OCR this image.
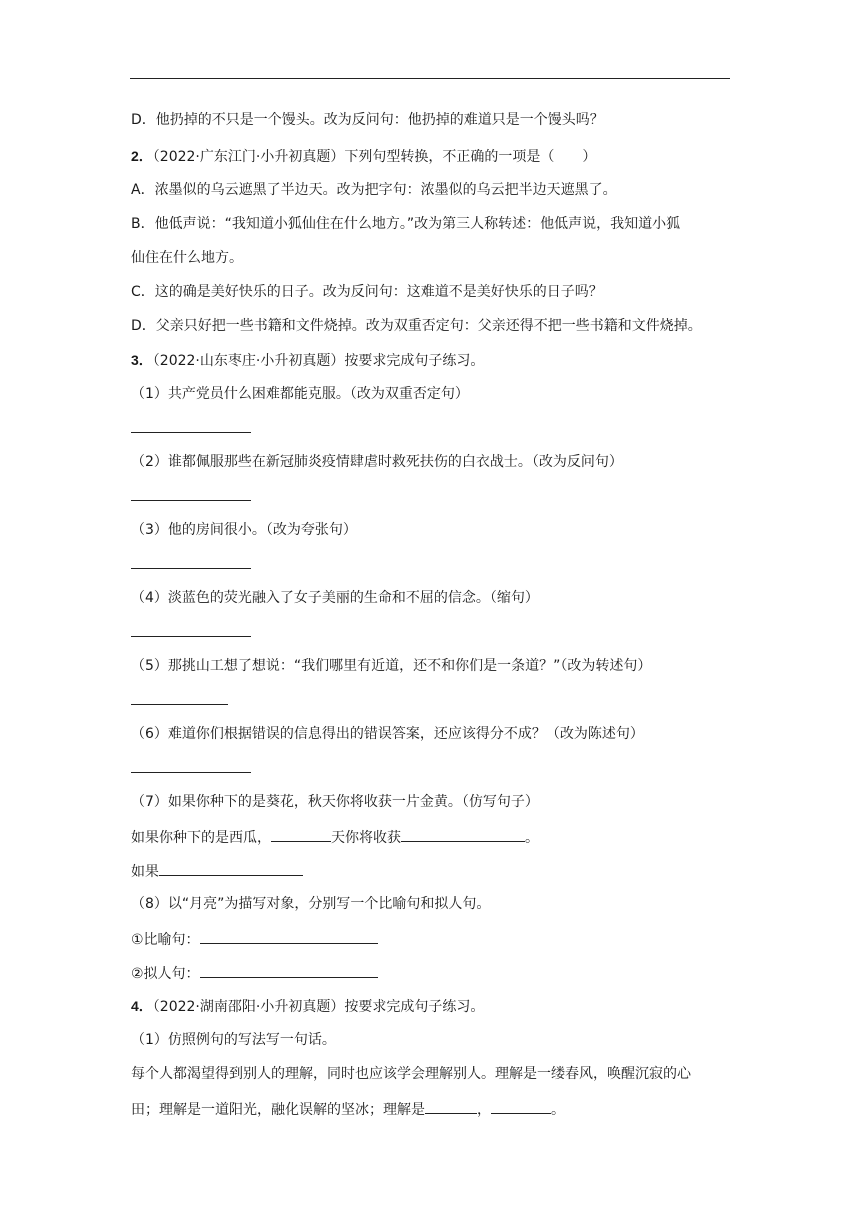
D．他扔掉的不只是一个馒头。改为反问句：他扔掉的难道只是一个馒头吗？
2．（2022·广东江门·小升初真题）下列句型转换，不正确的一项是（　　）
A．浓墨似的乌云遮黑了半边天。改为把字句：浓墨似的乌云把半边天遮黑了。
B．他低声说：“我知道小狐仙住在什么地方。”改为第三人称转述：他低声说，我知道小狐
仙住在什么地方。
C．这的确是美好快乐的日子。改为反问句：这难道不是美好快乐的日子吗？
D．父亲只好把一些书籍和文件烧掉。改为双重否定句：父亲还得不把一些书籍和文件烧掉。
3．（2022·山东枣庄·小升初真题）按要求完成句子练习。
（1）共产党员什么困难都能克服。（改为双重否定句）
（2）谁都佩服那些在新冠肺炎疫情肆虐时救死扶伤的白衣战士。（改为反问句）
（3）他的房间很小。（改为夸张句）
（4）淡蓝色的荧光融入了女子美丽的生命和不屈的信念。（缩句）
（5）那挑山工想了想说：“我们哪里有近道，还不和你们是一条道？”（改为转述句）
（6）难道你们根据错误的信息得出的错误答案，还应该得分不成？（改为陈述句）
（7）如果你种下的是葵花，秋天你将收获一片金黄。（仿写句子）
如果你种下的是西瓜，	天你将收获	。
如果
（8）以“月亮”为描写对象，分别写一个比喻句和拟人句。
①比喻句：
②拟人句：
4．（2022·湖南邵阳·小升初真题）按要求完成句子练习。
（1）仿照例句的写法写一句话。
每个人都渴望得到别人的理解，同时也应该学会理解别人。理解是一缕春风，唤醒沉寂的心
田；理解是一道阳光，融化误解的坚冰；理解是	，	。
